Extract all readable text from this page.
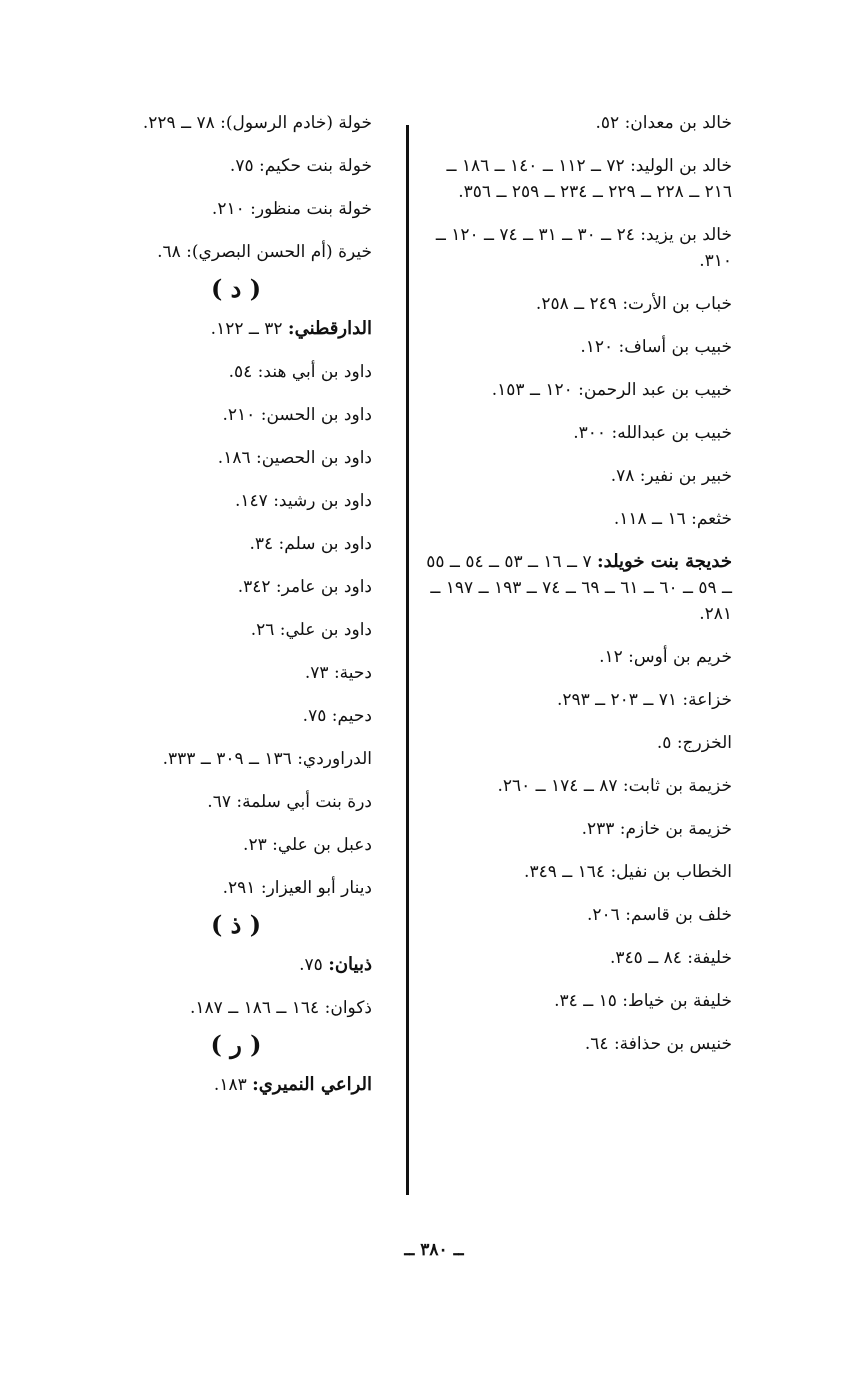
خالد بن معدان: ٥٢.
خالد بن الوليد: ٧٢ ــ ١١٢ ــ ١٤٠ ــ ١٨٦ ــ ٢١٦ ــ ٢٢٨ ــ ٢٢٩ ــ ٢٣٤ ــ ٢٥٩ ــ ٣٥٦.
خالد بن يزيد: ٢٤ ــ ٣٠ ــ ٣١ ــ ٧٤ ــ ١٢٠ ــ ٣١٠.
خباب بن الأرت: ٢٤٩ ــ ٢٥٨.
خبيب بن أساف: ١٢٠.
خبيب بن عبد الرحمن: ١٢٠ ــ ١٥٣.
خبيب بن عبدالله: ٣٠٠.
خبير بن نفير: ٧٨.
خثعم: ١٦ ــ ١١٨.
خديجة بنت خويلد: ٧ ــ ١٦ ــ ٥٣ ــ ٥٤ ــ ٥٥ ــ ٥٩ ــ ٦٠ ــ ٦١ ــ ٦٩ ــ ٧٤ ــ ١٩٣ ــ ١٩٧ ــ ٢٨١.
خريم بن أوس: ١٢.
خزاعة: ٧١ ــ ٢٠٣ ــ ٢٩٣.
الخزرج: ٥.
خزيمة بن ثابت: ٨٧ ــ ١٧٤ ــ ٢٦٠.
خزيمة بن خازم: ٢٣٣.
الخطاب بن نفيل: ١٦٤ ــ ٣٤٩.
خلف بن قاسم: ٢٠٦.
خليفة: ٨٤ ــ ٣٤٥.
خليفة بن خياط: ١٥ ــ ٣٤.
خنيس بن حذافة: ٦٤.
خولة (خادم الرسول): ٧٨ ــ ٢٢٩.
خولة بنت حكيم: ٧٥.
خولة بنت منظور: ٢١٠.
خيرة (أم الحسن البصري): ٦٨.
( د )
الدارقطني: ٣٢ ــ ١٢٢.
داود بن أبي هند: ٥٤.
داود بن الحسن: ٢١٠.
داود بن الحصين: ١٨٦.
داود بن رشيد: ١٤٧.
داود بن سلم: ٣٤.
داود بن عامر: ٣٤٢.
داود بن علي: ٢٦.
دحية: ٧٣.
دحيم: ٧٥.
الدراوردي: ١٣٦ ــ ٣٠٩ ــ ٣٣٣.
درة بنت أبي سلمة: ٦٧.
دعبل بن علي: ٢٣.
دينار أبو العيزار: ٢٩١.
( ذ )
ذبيان: ٧٥.
ذكوان: ١٦٤ ــ ١٨٦ ــ ١٨٧.
( ر )
الراعي النميري: ١٨٣.
ــ ٣٨٠ ــ
